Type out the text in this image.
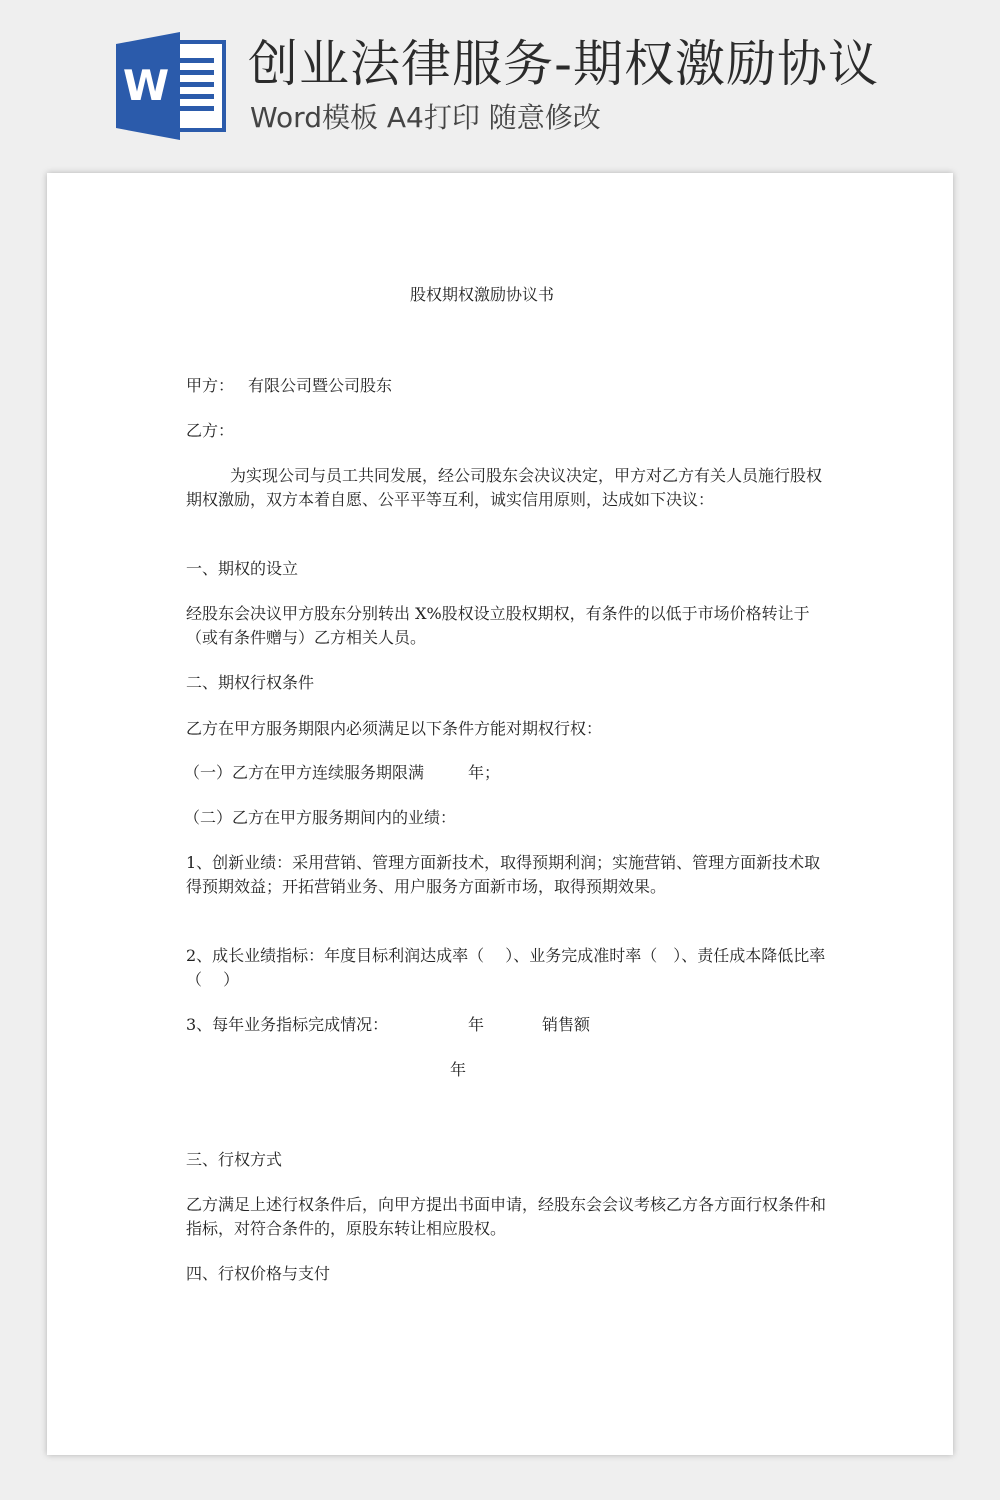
W 创业法律服务-期权激励协议
Word模板 A4打印 随意修改
股权期权激励协议书
甲方： 有限公司暨公司股东
乙方：

为实现公司与员工共同发展，经公司股东会决议决定，甲方对乙方有关人员施行股权期权激励，双方本着自愿、公平平等互利，诚实信用原则，达成如下决议：

一、期权的设立

经股东会决议甲方股东分别转出 X%股权设立股权期权，有条件的以低于市场价格转让于（或有条件赠与）乙方相关人员。

二、期权行权条件
乙方在甲方服务期限内必须满足以下条件方能对期权行权：
（一）乙方在甲方连续服务期限满	年；
（二）乙方在甲方服务期间内的业绩：

1、创新业绩：采用营销、管理方面新技术，取得预期利润；实施营销、管理方面新技术取得预期效益；开拓营销业务、用户服务方面新市场，取得预期效果。

2、成长业绩指标：年度目标利润达成率（　 ）、业务完成准时率（　）、责任成本降低比率（　 ）

3、每年业务指标完成情况：	年	销售额
年
三、行权方式

乙方满足上述行权条件后，向甲方提出书面申请，经股东会会议考核乙方各方面行权条件和指标，对符合条件的，原股东转让相应股权。

四、行权价格与支付
